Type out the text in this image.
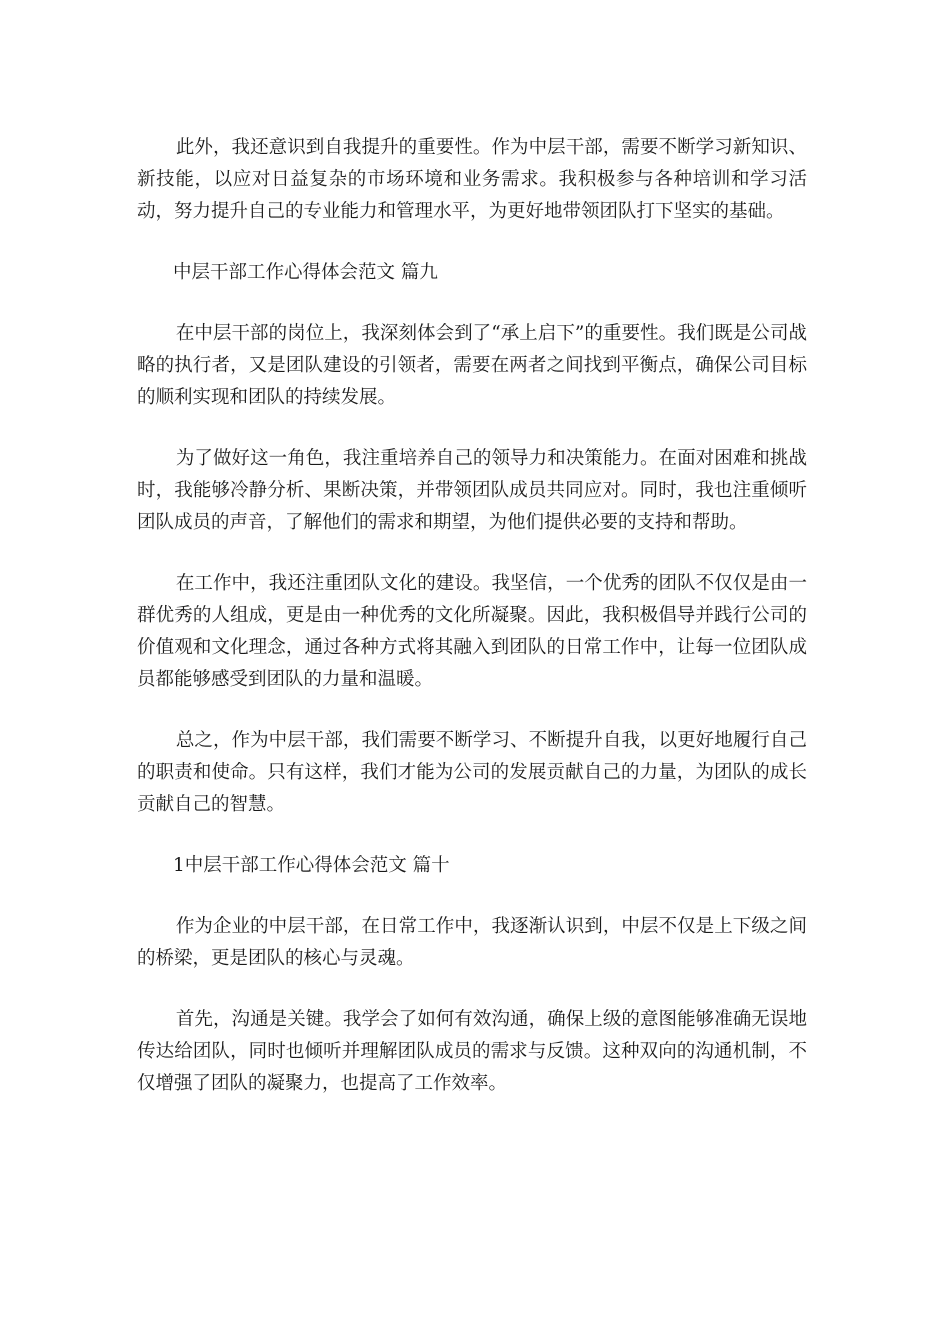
此外，我还意识到自我提升的重要性。作为中层干部，需要不断学习新知识、新技能，以应对日益复杂的市场环境和业务需求。我积极参与各种培训和学习活动，努力提升自己的专业能力和管理水平，为更好地带领团队打下坚实的基础。

中层干部工作心得体会范文 篇九

在中层干部的岗位上，我深刻体会到了“承上启下”的重要性。我们既是公司战略的执行者，又是团队建设的引领者，需要在两者之间找到平衡点，确保公司目标的顺利实现和团队的持续发展。

为了做好这一角色，我注重培养自己的领导力和决策能力。在面对困难和挑战时，我能够冷静分析、果断决策，并带领团队成员共同应对。同时，我也注重倾听团队成员的声音，了解他们的需求和期望，为他们提供必要的支持和帮助。

在工作中，我还注重团队文化的建设。我坚信，一个优秀的团队不仅仅是由一群优秀的人组成，更是由一种优秀的文化所凝聚。因此，我积极倡导并践行公司的价值观和文化理念，通过各种方式将其融入到团队的日常工作中，让每一位团队成员都能够感受到团队的力量和温暖。

总之，作为中层干部，我们需要不断学习、不断提升自我，以更好地履行自己的职责和使命。只有这样，我们才能为公司的发展贡献自己的力量，为团队的成长贡献自己的智慧。

1中层干部工作心得体会范文 篇十

作为企业的中层干部，在日常工作中，我逐渐认识到，中层不仅是上下级之间的桥梁，更是团队的核心与灵魂。

首先，沟通是关键。我学会了如何有效沟通，确保上级的意图能够准确无误地传达给团队，同时也倾听并理解团队成员的需求与反馈。这种双向的沟通机制，不仅增强了团队的凝聚力，也提高了工作效率。
